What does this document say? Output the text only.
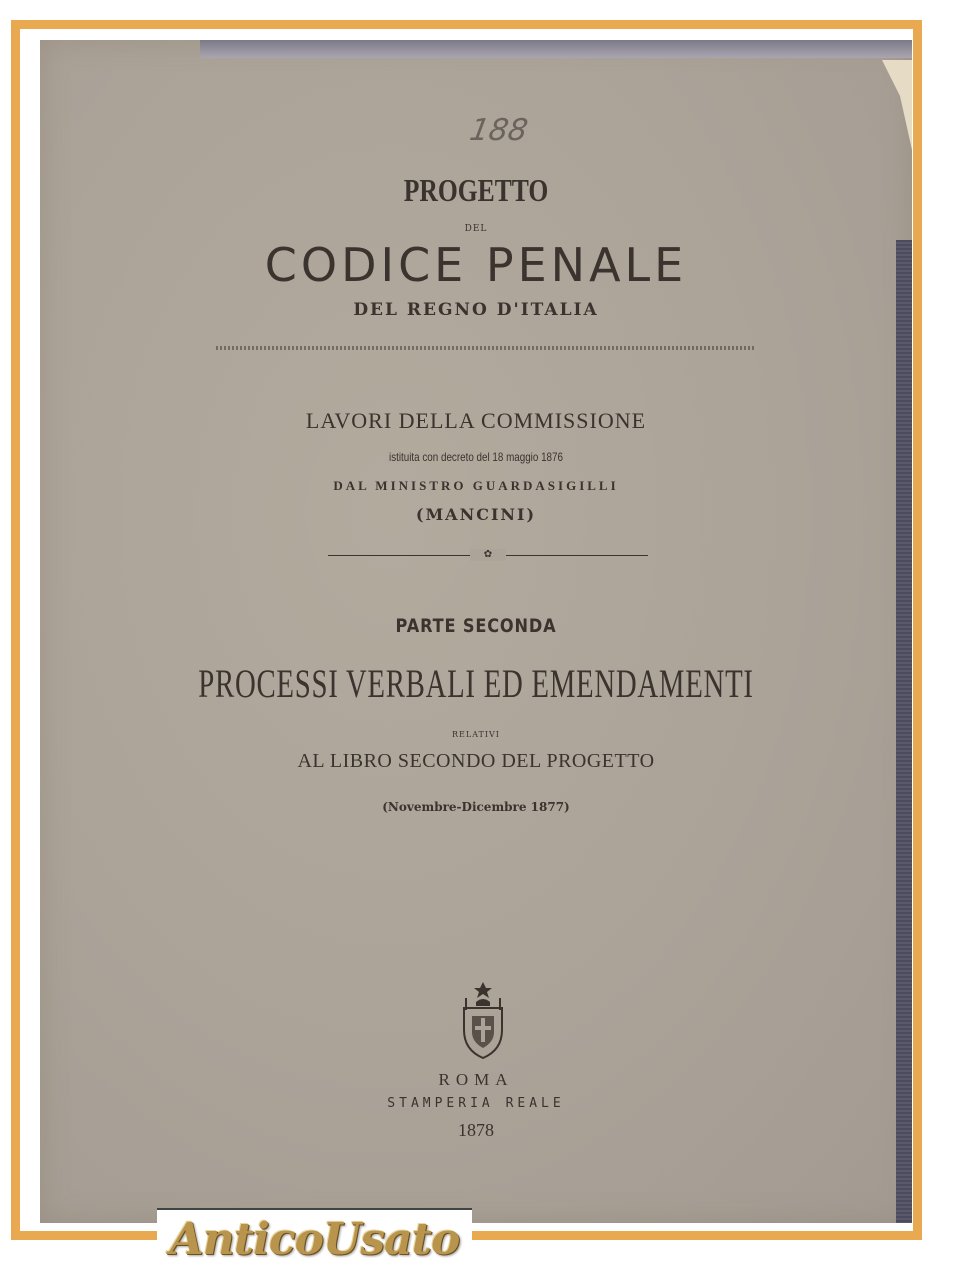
188
PROGETTO
DEL
CODICE PENALE
DEL REGNO D'ITALIA
LAVORI DELLA COMMISSIONE
istituita con decreto del 18 maggio 1876
DAL MINISTRO GUARDASIGILLI
(MANCINI)
✿
PARTE SECONDA
PROCESSI VERBALI ED EMENDAMENTI
RELATIVI
AL LIBRO SECONDO DEL PROGETTO
(Novembre-Dicembre 1877)
ROMA
STAMPERIA REALE
1878
AnticoUsato
